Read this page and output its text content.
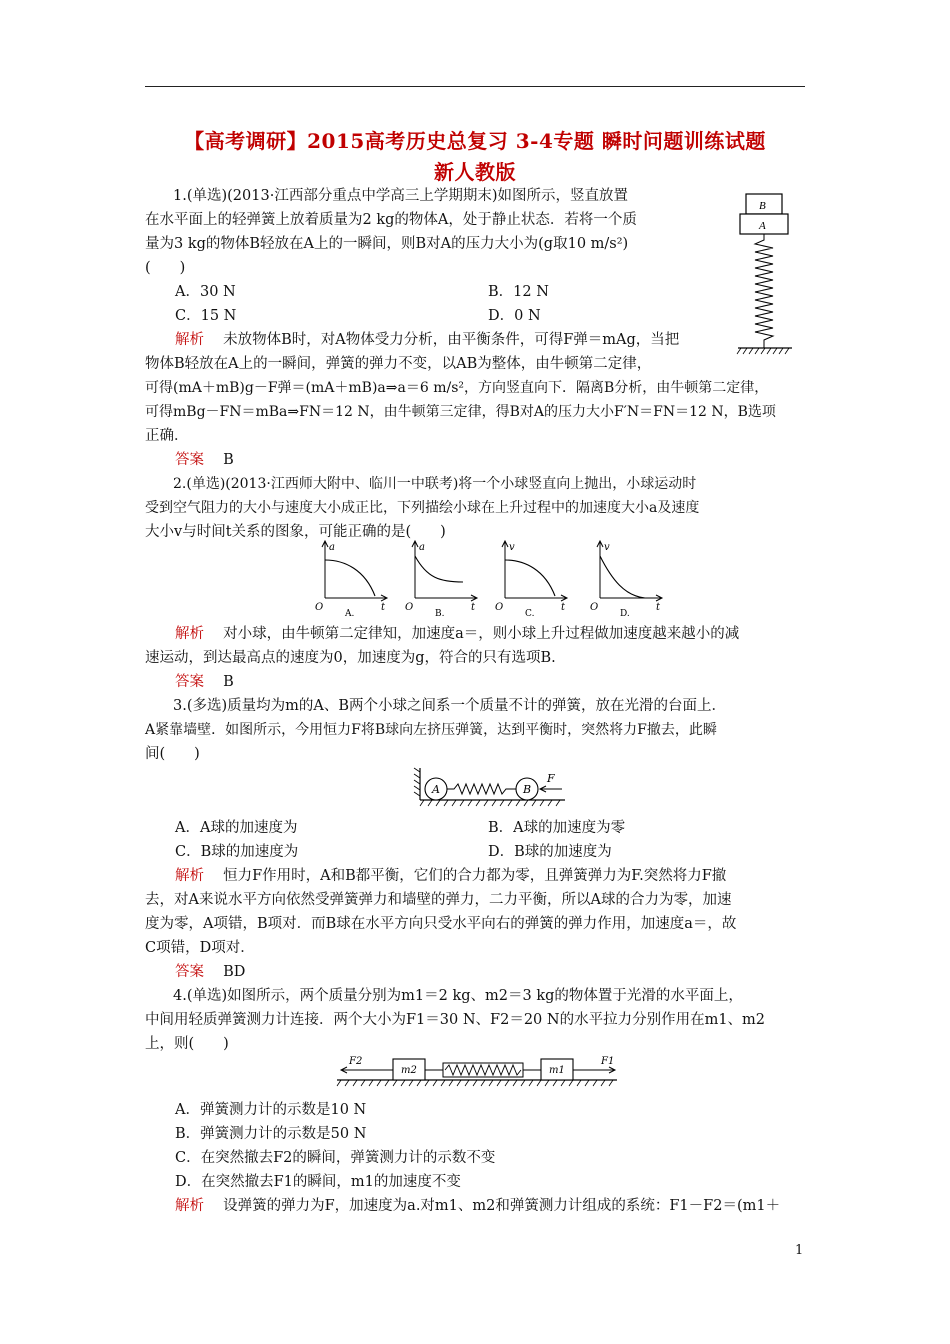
【高考调研】2015高考历史总复习 3-4专题 瞬时问题训练试题
新人教版
1.(单选)(2013·江西部分重点中学高三上学期期末)如图所示，竖直放置
在水平面上的轻弹簧上放着质量为2 kg的物体A，处于静止状态．若将一个质
量为3 kg的物体B轻放在A上的一瞬间，则B对A的压力大小为(g取10 m/s²)
(　　)
A．30 N	B．12 N
C．15 N	D．0 N
B
A
解析　 未放物体B时，对A物体受力分析，由平衡条件，可得F弹＝mAg，当把
物体B轻放在A上的一瞬间，弹簧的弹力不变，以AB为整体，由牛顿第二定律，
可得(mA＋mB)g－F弹＝(mA＋mB)a⇒a＝6 m/s²，方向竖直向下．隔离B分析，由牛顿第二定律，
可得mBg－FN＝mBa⇒FN＝12 N，由牛顿第三定律，得B对A的压力大小F′N＝FN＝12 N，B选项
正确．
答案　 B
2.(单选)(2013·江西师大附中、临川一中联考)将一个小球竖直向上抛出，小球运动时
受到空气阻力的大小与速度大小成正比，下列描绘小球在上升过程中的加速度大小a及速度
大小v与时间t关系的图象，可能正确的是(　　)
a
t
O
A.
a
t
O
B.
v
t
O
C.
v
t
O
D.
解析　 对小球，由牛顿第二定律知，加速度a＝，则小球上升过程做加速度越来越小的减
速运动，到达最高点的速度为0，加速度为g，符合的只有选项B.
答案　 B
3.(多选)质量均为m的A、B两个小球之间系一个质量不计的弹簧，放在光滑的台面上．
A紧靠墙壁．如图所示，今用恒力F将B球向左挤压弹簧，达到平衡时，突然将力F撤去，此瞬
间(　　)
A	B
F
A．A球的加速度为	B．A球的加速度为零
C．B球的加速度为	D．B球的加速度为
解析　 恒力F作用时，A和B都平衡，它们的合力都为零，且弹簧弹力为F.突然将力F撤
去，对A来说水平方向依然受弹簧弹力和墙壁的弹力，二力平衡，所以A球的合力为零，加速
度为零，A项错，B项对．而B球在水平方向只受水平向右的弹簧的弹力作用，加速度a＝，故
C项错，D项对．
答案　 BD
4.(单选)如图所示，两个质量分别为m1＝2 kg、m2＝3 kg的物体置于光滑的水平面上，
中间用轻质弹簧测力计连接．两个大小为F1＝30 N、F2＝20 N的水平拉力分别作用在m1、m2
上，则(　　)
F2
m2	m1
F1
A．弹簧测力计的示数是10 N
B．弹簧测力计的示数是50 N
C．在突然撤去F2的瞬间，弹簧测力计的示数不变
D．在突然撤去F1的瞬间，m1的加速度不变
解析　 设弹簧的弹力为F，加速度为a.对m1、m2和弹簧测力计组成的系统：F1－F2＝(m1＋
1
